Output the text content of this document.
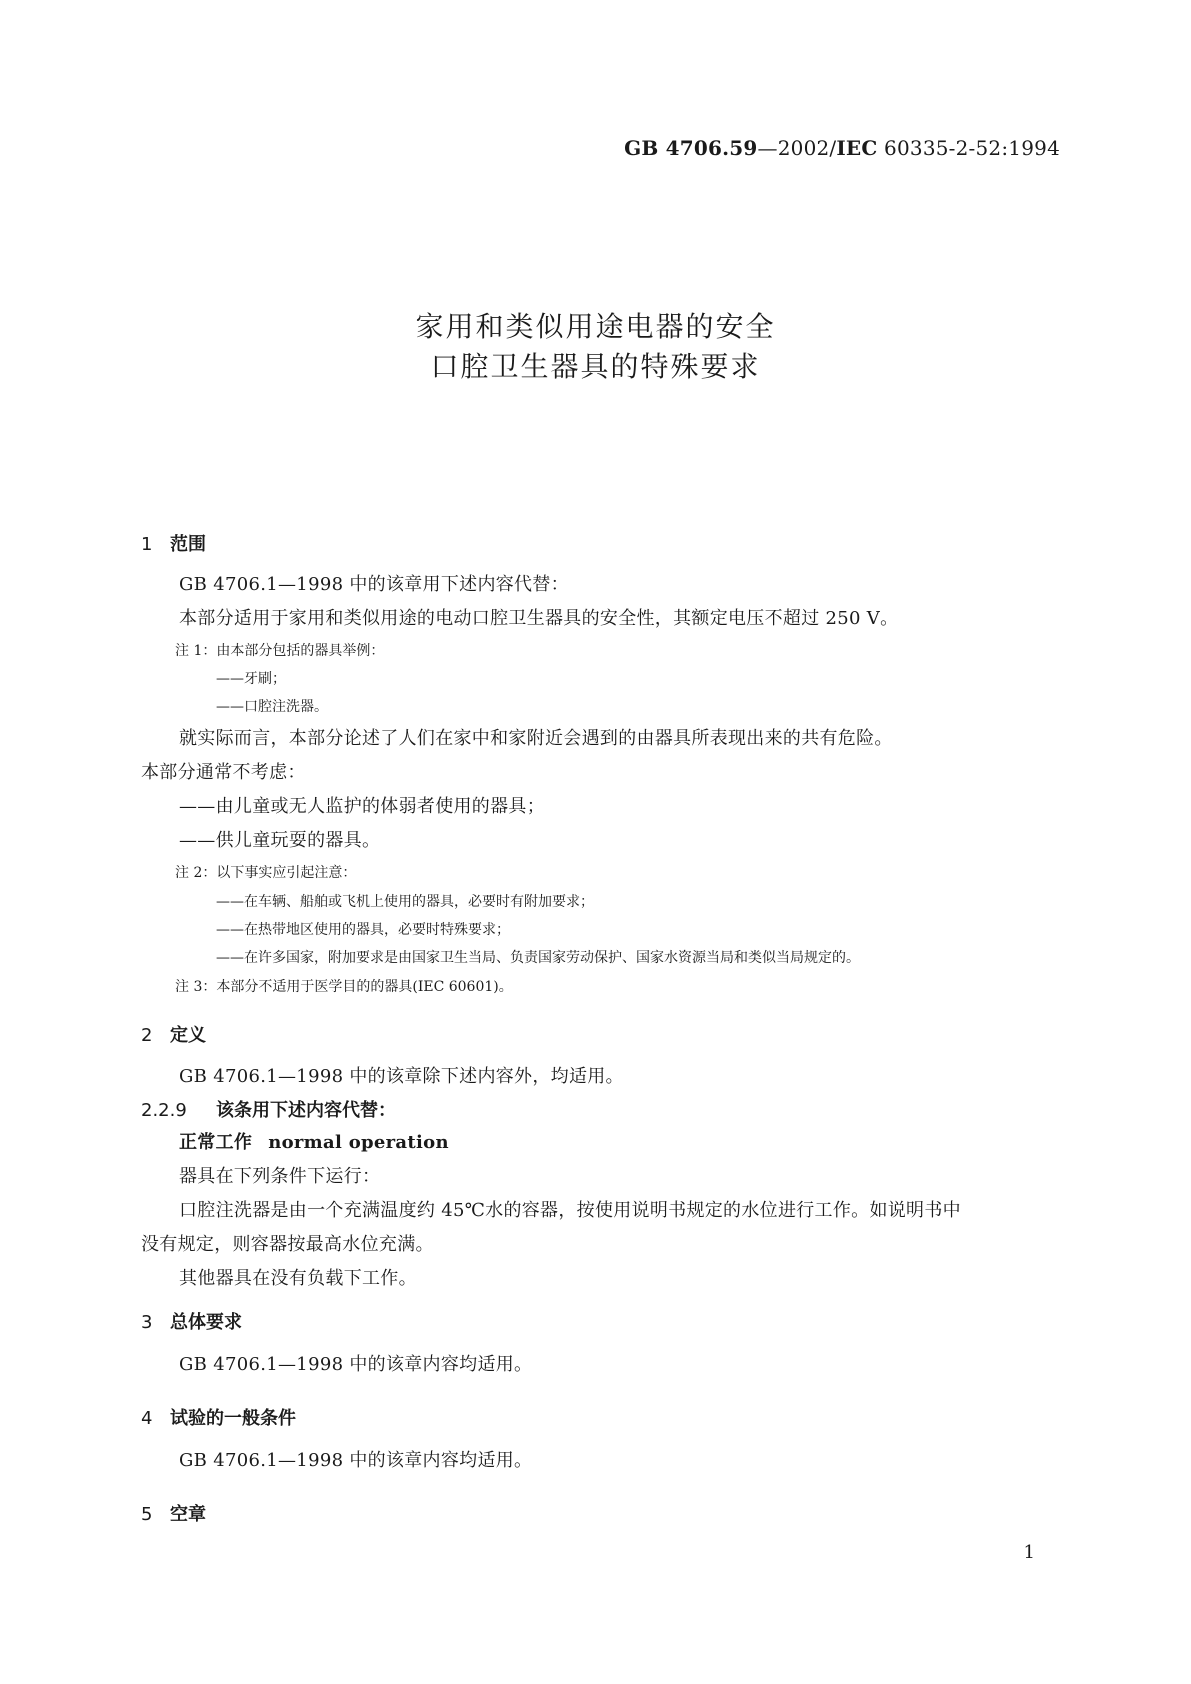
GB 4706.59—2002/IEC 60335-2-52:1994
家用和类似用途电器的安全
口腔卫生器具的特殊要求
1 范围
GB 4706.1—1998 中的该章用下述内容代替：
本部分适用于家用和类似用途的电动口腔卫生器具的安全性，其额定电压不超过 250 V。
注 1：由本部分包括的器具举例：
——牙刷；
——口腔注洗器。
就实际而言，本部分论述了人们在家中和家附近会遇到的由器具所表现出来的共有危险。
本部分通常不考虑：
——由儿童或无人监护的体弱者使用的器具；
——供儿童玩耍的器具。
注 2：以下事实应引起注意：
——在车辆、船舶或飞机上使用的器具，必要时有附加要求；
——在热带地区使用的器具，必要时特殊要求；
——在许多国家，附加要求是由国家卫生当局、负责国家劳动保护、国家水资源当局和类似当局规定的。
注 3：本部分不适用于医学目的的器具(IEC 60601)。
2 定义
GB 4706.1—1998 中的该章除下述内容外，均适用。
2.2.9 该条用下述内容代替：
正常工作 normal operation
器具在下列条件下运行：
口腔注洗器是由一个充满温度约 45℃水的容器，按使用说明书规定的水位进行工作。如说明书中
没有规定，则容器按最高水位充满。
其他器具在没有负载下工作。
3 总体要求
GB 4706.1—1998 中的该章内容均适用。
4 试验的一般条件
GB 4706.1—1998 中的该章内容均适用。
5 空章
1
